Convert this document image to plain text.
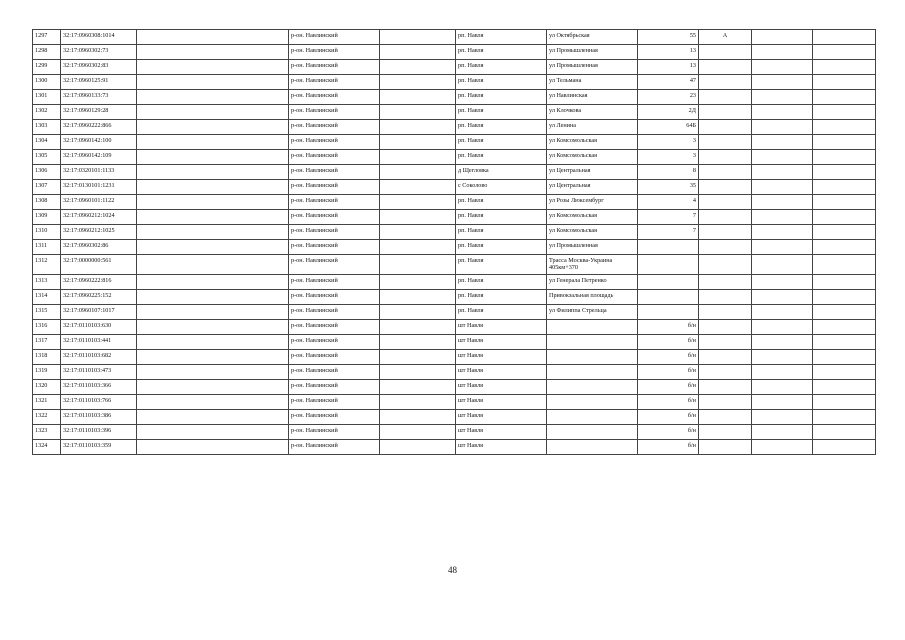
1297	32:17:0960308:1014		р-он. Навлинский		рп. Навля	ул Октябрьская	55	А		
1298	32:17:0960302:73		р-он. Навлинский		рп. Навля	ул Промышленная	13			
1299	32:17:0960302:83		р-он. Навлинский		рп. Навля	ул Промышленная	13			
1300	32:17:0960125:91		р-он. Навлинский		рп. Навля	ул Тельмана	47			
1301	32:17:0960133:73		р-он. Навлинский		рп. Навля	ул Навлинская	23			
1302	32:17:0960129:28		р-он. Навлинский		рп. Навля	ул Клочкова	2Д			
1303	32:17:0960222:866		р-он. Навлинский		рп. Навля	ул Ленина	64Б			
1304	32:17:0960142:100		р-он. Навлинский		рп. Навля	ул Комсомольская	3			
1305	32:17:0960142:109		р-он. Навлинский		рп. Навля	ул Комсомольская	3			
1306	32:17:0320101:1133		р-он. Навлинский		д Щегловка	ул Центральная	8			
1307	32:17:0130101:1231		р-он. Навлинский		с Соколово	ул Центральная	35			
1308	32:17:0960101:1122		р-он. Навлинский		рп. Навля	ул Розы Люксембург	4			
1309	32:17:0960212:1024		р-он. Навлинский		рп. Навля	ул Комсомольская	7			
1310	32:17:0960212:1025		р-он. Навлинский		рп. Навля	ул Комсомольская	7			
1311	32:17:0960302:86		р-он. Навлинский		рп. Навля	ул Промышленная				
1312	32:17:0000000:561		р-он. Навлинский		рп. Навля	Трасса Москва-Украина 405км+370				
1313	32:17:0960222:816		р-он. Навлинский		рп. Навля	ул Генерала Петренко				
1314	32:17:0960225:152		р-он. Навлинский		рп. Навля	Привокзальная площадь				
1315	32:17:0960107:1017		р-он. Навлинский		рп. Навля	ул Филиппа Стрельца				
1316	32:17:0110103:630		р-он. Навлинский		шт Навля		б/н			
1317	32:17:0110103:441		р-он. Навлинский		шт Навля		б/н			
1318	32:17:0110103:682		р-он. Навлинский		шт Навля		б/н			
1319	32:17:0110103:473		р-он. Навлинский		шт Навля		б/н			
1320	32:17:0110103:366		р-он. Навлинский		шт Навля		б/н			
1321	32:17:0110103:766		р-он. Навлинский		шт Навля		б/н			
1322	32:17:0110103:386		р-он. Навлинский		шт Навля		б/н			
1323	32:17:0110103:396		р-он. Навлинский		шт Навля		б/н			
1324	32:17:0110103:359		р-он. Навлинский		шт Навля		б/н			
48
